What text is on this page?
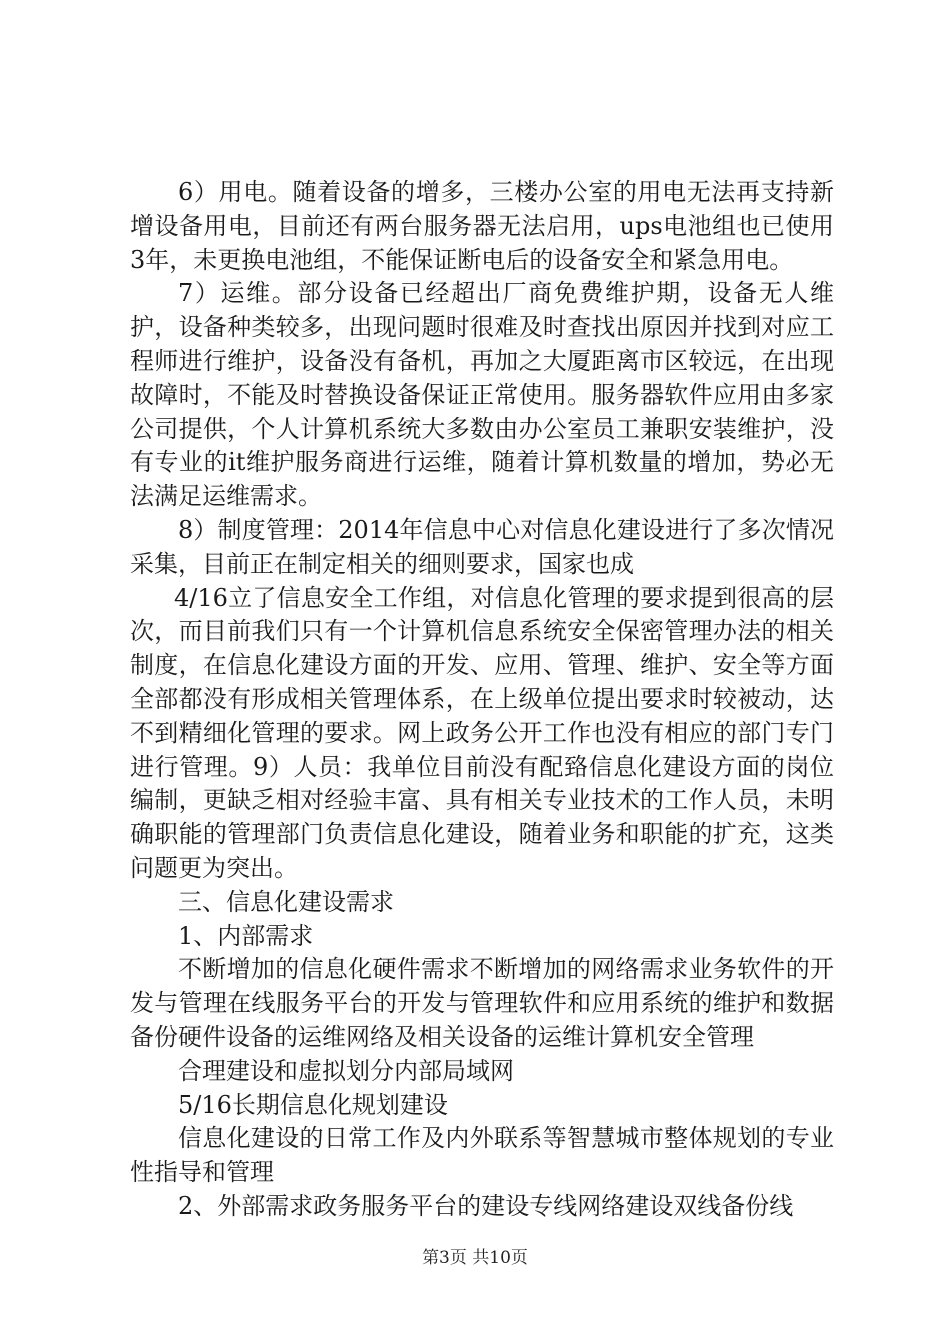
6）用电。随着设备的增多，三楼办公室的用电无法再支持新增设备用电，目前还有两台服务器无法启用，ups电池组也已使用3年，未更换电池组，不能保证断电后的设备安全和紧急用电。

7）运维。部分设备已经超出厂商免费维护期，设备无人维护，设备种类较多，出现问题时很难及时查找出原因并找到对应工程师进行维护，设备没有备机，再加之大厦距离市区较远，在出现故障时，不能及时替换设备保证正常使用。服务器软件应用由多家公司提供，个人计算机系统大多数由办公室员工兼职安装维护，没有专业的it维护服务商进行运维，随着计算机数量的增加，势必无法满足运维需求。

8）制度管理：2014年信息中心对信息化建设进行了多次情况采集，目前正在制定相关的细则要求，国家也成

4/16立了信息安全工作组，对信息化管理的要求提到很高的层次，而目前我们只有一个计算机信息系统安全保密管理办法的相关制度，在信息化建设方面的开发、应用、管理、维护、安全等方面全部都没有形成相关管理体系，在上级单位提出要求时较被动，达不到精细化管理的要求。网上政务公开工作也没有相应的部门专门进行管理。9）人员：我单位目前没有配臵信息化建设方面的岗位编制，更缺乏相对经验丰富、具有相关专业技术的工作人员，未明确职能的管理部门负责信息化建设，随着业务和职能的扩充，这类问题更为突出。

三、信息化建设需求

1、内部需求

不断增加的信息化硬件需求不断增加的网络需求业务软件的开发与管理在线服务平台的开发与管理软件和应用系统的维护和数据备份硬件设备的运维网络及相关设备的运维计算机安全管理

合理建设和虚拟划分内部局域网

5/16长期信息化规划建设

信息化建设的日常工作及内外联系等智慧城市整体规划的专业性指导和管理

2、外部需求政务服务平台的建设专线网络建设双线备份线

第3页 共10页
